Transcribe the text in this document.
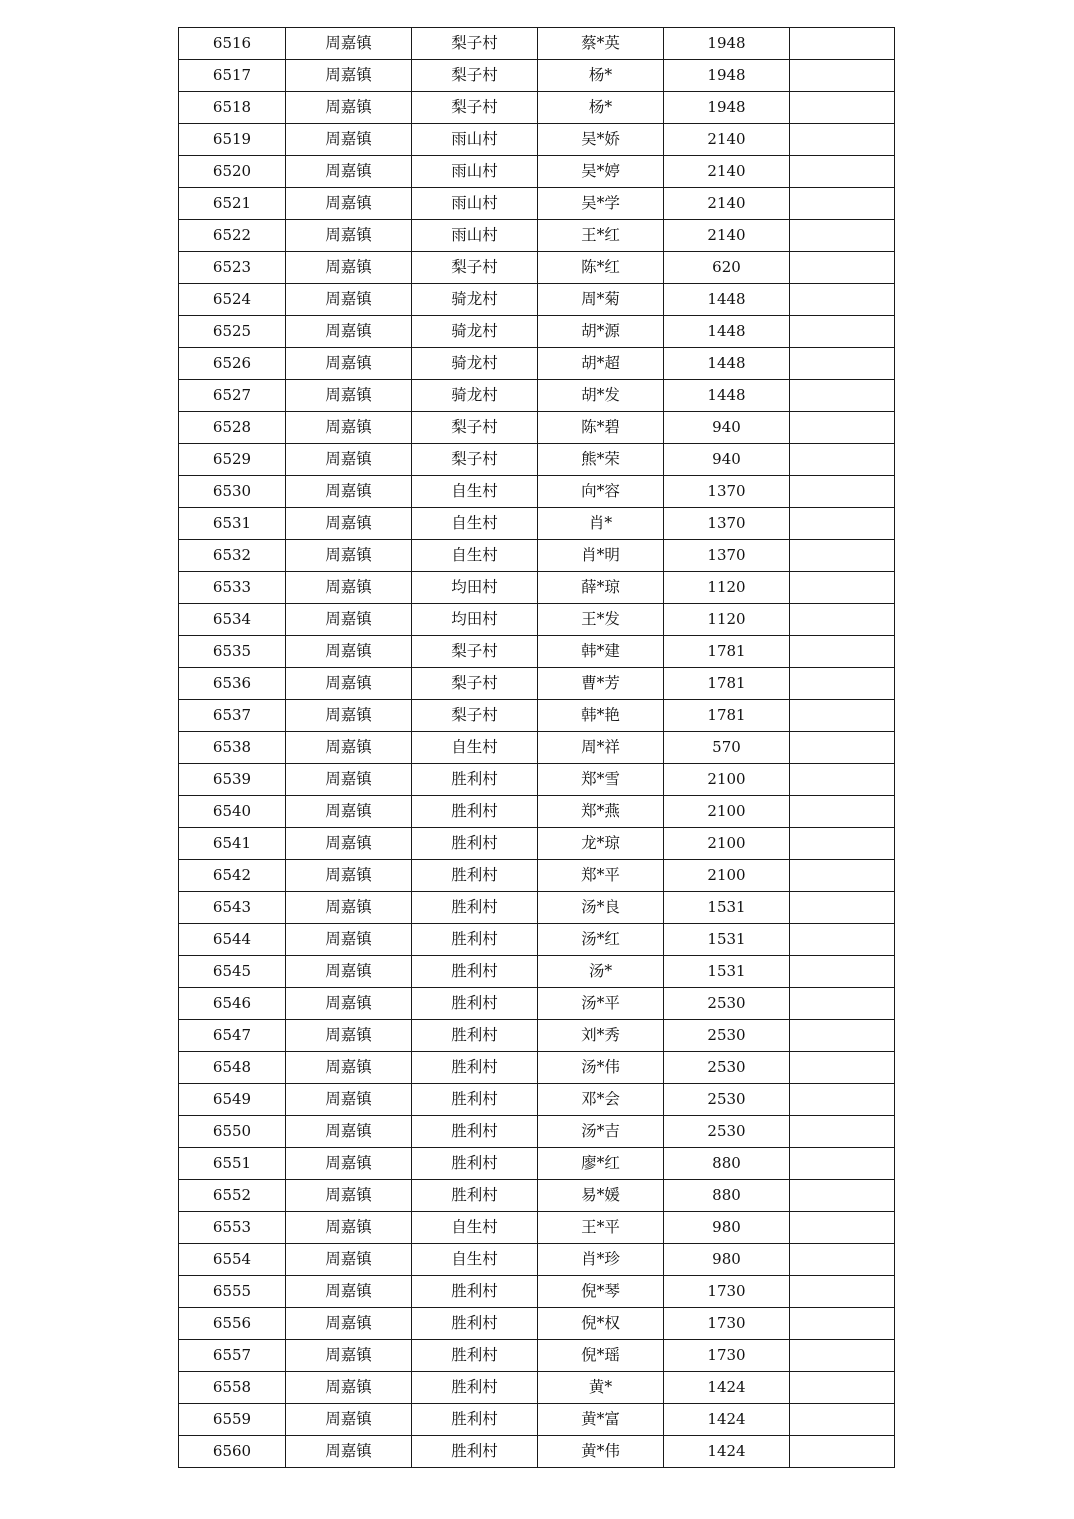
6516	周嘉镇	梨子村	蔡*英	1948	
6517	周嘉镇	梨子村	杨*	1948	
6518	周嘉镇	梨子村	杨*	1948	
6519	周嘉镇	雨山村	吴*娇	2140	
6520	周嘉镇	雨山村	吴*婷	2140	
6521	周嘉镇	雨山村	吴*学	2140	
6522	周嘉镇	雨山村	王*红	2140	
6523	周嘉镇	梨子村	陈*红	620	
6524	周嘉镇	骑龙村	周*菊	1448	
6525	周嘉镇	骑龙村	胡*源	1448	
6526	周嘉镇	骑龙村	胡*超	1448	
6527	周嘉镇	骑龙村	胡*发	1448	
6528	周嘉镇	梨子村	陈*碧	940	
6529	周嘉镇	梨子村	熊*荣	940	
6530	周嘉镇	自生村	向*容	1370	
6531	周嘉镇	自生村	肖*	1370	
6532	周嘉镇	自生村	肖*明	1370	
6533	周嘉镇	均田村	薛*琼	1120	
6534	周嘉镇	均田村	王*发	1120	
6535	周嘉镇	梨子村	韩*建	1781	
6536	周嘉镇	梨子村	曹*芳	1781	
6537	周嘉镇	梨子村	韩*艳	1781	
6538	周嘉镇	自生村	周*祥	570	
6539	周嘉镇	胜利村	郑*雪	2100	
6540	周嘉镇	胜利村	郑*燕	2100	
6541	周嘉镇	胜利村	龙*琼	2100	
6542	周嘉镇	胜利村	郑*平	2100	
6543	周嘉镇	胜利村	汤*良	1531	
6544	周嘉镇	胜利村	汤*红	1531	
6545	周嘉镇	胜利村	汤*	1531	
6546	周嘉镇	胜利村	汤*平	2530	
6547	周嘉镇	胜利村	刘*秀	2530	
6548	周嘉镇	胜利村	汤*伟	2530	
6549	周嘉镇	胜利村	邓*会	2530	
6550	周嘉镇	胜利村	汤*吉	2530	
6551	周嘉镇	胜利村	廖*红	880	
6552	周嘉镇	胜利村	易*媛	880	
6553	周嘉镇	自生村	王*平	980	
6554	周嘉镇	自生村	肖*珍	980	
6555	周嘉镇	胜利村	倪*琴	1730	
6556	周嘉镇	胜利村	倪*权	1730	
6557	周嘉镇	胜利村	倪*瑶	1730	
6558	周嘉镇	胜利村	黄*	1424	
6559	周嘉镇	胜利村	黄*富	1424	
6560	周嘉镇	胜利村	黄*伟	1424	
